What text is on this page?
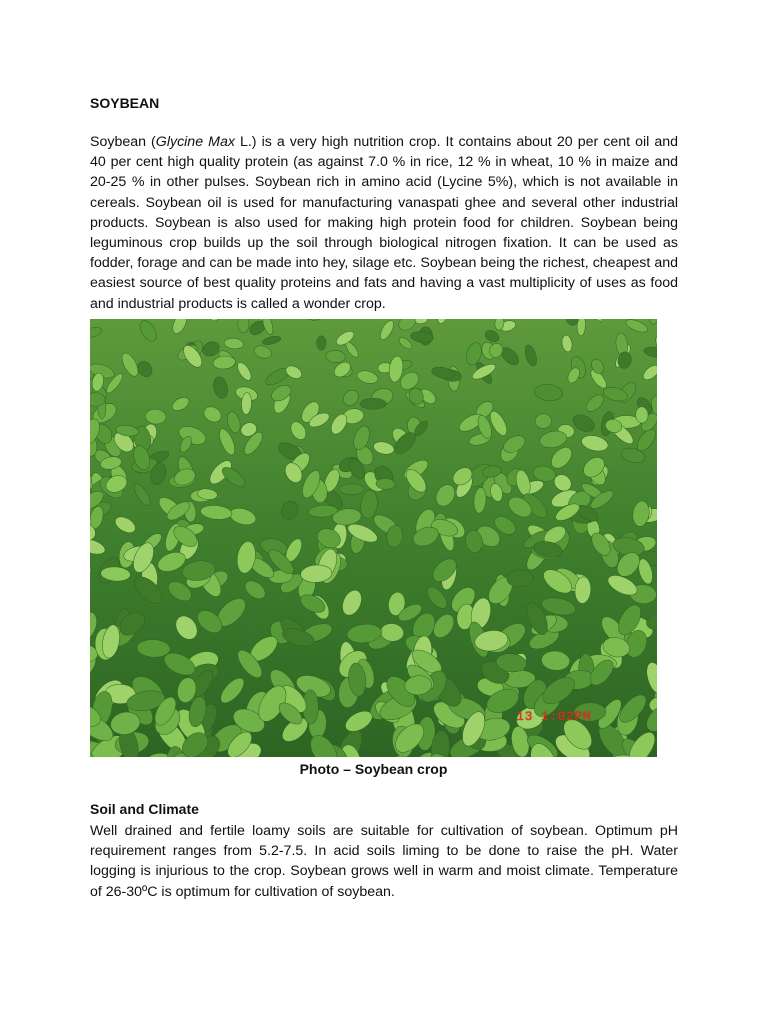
SOYBEAN

Soybean (Glycine Max L.) is a very high nutrition crop. It contains about 20 per cent oil and 40 per cent high quality protein (as against 7.0 % in rice, 12 % in wheat, 10 % in maize and 20-25 % in other pulses. Soybean rich in amino acid (Lycine 5%), which is not available in cereals. Soybean oil is used for manufacturing vanaspati ghee and several other industrial products. Soybean is also used for making high protein food for children. Soybean being leguminous crop builds up the soil through biological nitrogen fixation. It can be used as fodder, forage and can be made into hey, silage etc. Soybean being the richest, cheapest and easiest source of best quality proteins and fats and having a vast multiplicity of uses as food and industrial products is called a wonder crop.

13 1:02PM
Photo – Soybean crop
Soil and Climate

Well drained and fertile loamy soils are suitable for cultivation of soybean. Optimum pH requirement ranges from 5.2-7.5. In acid soils liming to be done to raise the pH. Water logging is injurious to the crop. Soybean grows well in warm and moist climate. Temperature of 26-30ºC is optimum for cultivation of soybean.
